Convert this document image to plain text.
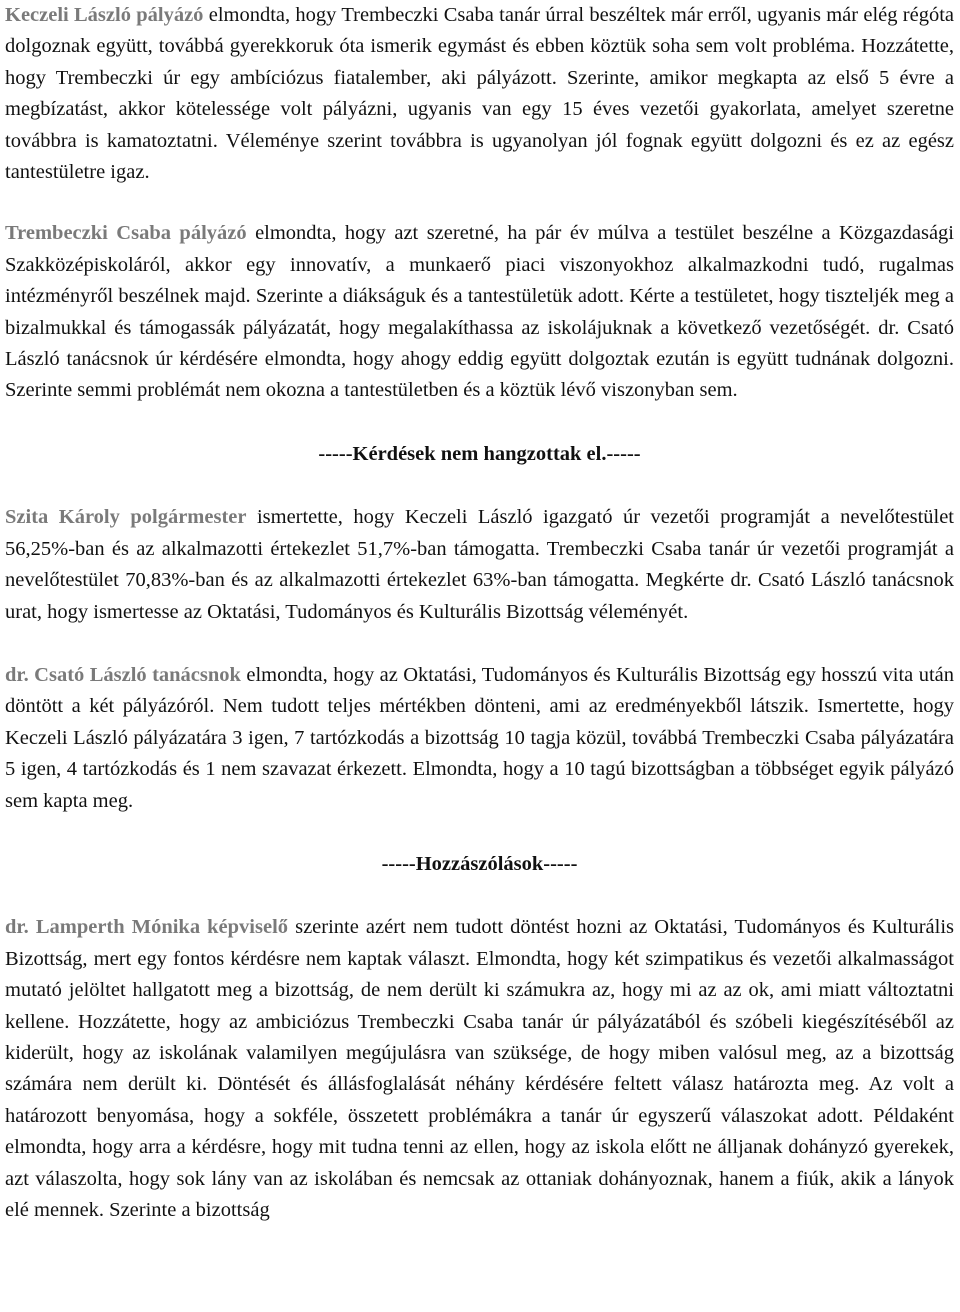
Keczeli László pályázó elmondta, hogy Trembeczki Csaba tanár úrral beszéltek már erről, ugyanis már elég régóta dolgoznak együtt, továbbá gyerekkoruk óta ismerik egymást és ebben köztük soha sem volt probléma. Hozzátette, hogy Trembeczki úr egy ambíciózus fiatalember, aki pályázott. Szerinte, amikor megkapta az első 5 évre a megbízatást, akkor kötelessége volt pályázni, ugyanis van egy 15 éves vezetői gyakorlata, amelyet szeretne továbbra is kamatoztatni. Véleménye szerint továbbra is ugyanolyan jól fognak együtt dolgozni és ez az egész tantestületre igaz.

Trembeczki Csaba pályázó elmondta, hogy azt szeretné, ha pár év múlva a testület beszélne a Közgazdasági Szakközépiskoláról, akkor egy innovatív, a munkaerő piaci viszonyokhoz alkalmazkodni tudó, rugalmas intézményről beszélnek majd. Szerinte a diákságuk és a tantestületük adott. Kérte a testületet, hogy tiszteljék meg a bizalmukkal és támogassák pályázatát, hogy megalakíthassa az iskolájuknak a következő vezetőségét. dr. Csató László tanácsnok úr kérdésére elmondta, hogy ahogy eddig együtt dolgoztak ezután is együtt tudnának dolgozni. Szerinte semmi problémát nem okozna a tantestületben és a köztük lévő viszonyban sem.

-----Kérdések nem hangzottak el.-----

Szita Károly polgármester ismertette, hogy Keczeli László igazgató úr vezetői programját a nevelőtestület 56,25%-ban és az alkalmazotti értekezlet 51,7%-ban támogatta. Trembeczki Csaba tanár úr vezetői programját a nevelőtestület 70,83%-ban és az alkalmazotti értekezlet 63%-ban támogatta. Megkérte dr. Csató László tanácsnok urat, hogy ismertesse az Oktatási, Tudományos és Kulturális Bizottság véleményét.

dr. Csató László tanácsnok elmondta, hogy az Oktatási, Tudományos és Kulturális Bizottság egy hosszú vita után döntött a két pályázóról. Nem tudott teljes mértékben dönteni, ami az eredményekből látszik. Ismertette, hogy Keczeli László pályázatára 3 igen, 7 tartózkodás a bizottság 10 tagja közül, továbbá Trembeczki Csaba pályázatára 5 igen, 4 tartózkodás és 1 nem szavazat érkezett. Elmondta, hogy a 10 tagú bizottságban a többséget egyik pályázó sem kapta meg.

-----Hozzászólások-----

dr. Lamperth Mónika képviselő szerinte azért nem tudott döntést hozni az Oktatási, Tudományos és Kulturális Bizottság, mert egy fontos kérdésre nem kaptak választ. Elmondta, hogy két szimpatikus és vezetői alkalmasságot mutató jelöltet hallgatott meg a bizottság, de nem derült ki számukra az, hogy mi az az ok, ami miatt változtatni kellene. Hozzátette, hogy az ambiciózus Trembeczki Csaba tanár úr pályázatából és szóbeli kiegészítéséből az kiderült, hogy az iskolának valamilyen megújulásra van szüksége, de hogy miben valósul meg, az a bizottság számára nem derült ki. Döntését és állásfoglalását néhány kérdésére feltett válasz határozta meg. Az volt a határozott benyomása, hogy a sokféle, összetett problémákra a tanár úr egyszerű válaszokat adott. Példaként elmondta, hogy arra a kérdésre, hogy mit tudna tenni az ellen, hogy az iskola előtt ne álljanak dohányzó gyerekek, azt válaszolta, hogy sok lány van az iskolában és nemcsak az ottaniak dohányoznak, hanem a fiúk, akik a lányok elé mennek. Szerinte a bizottság
